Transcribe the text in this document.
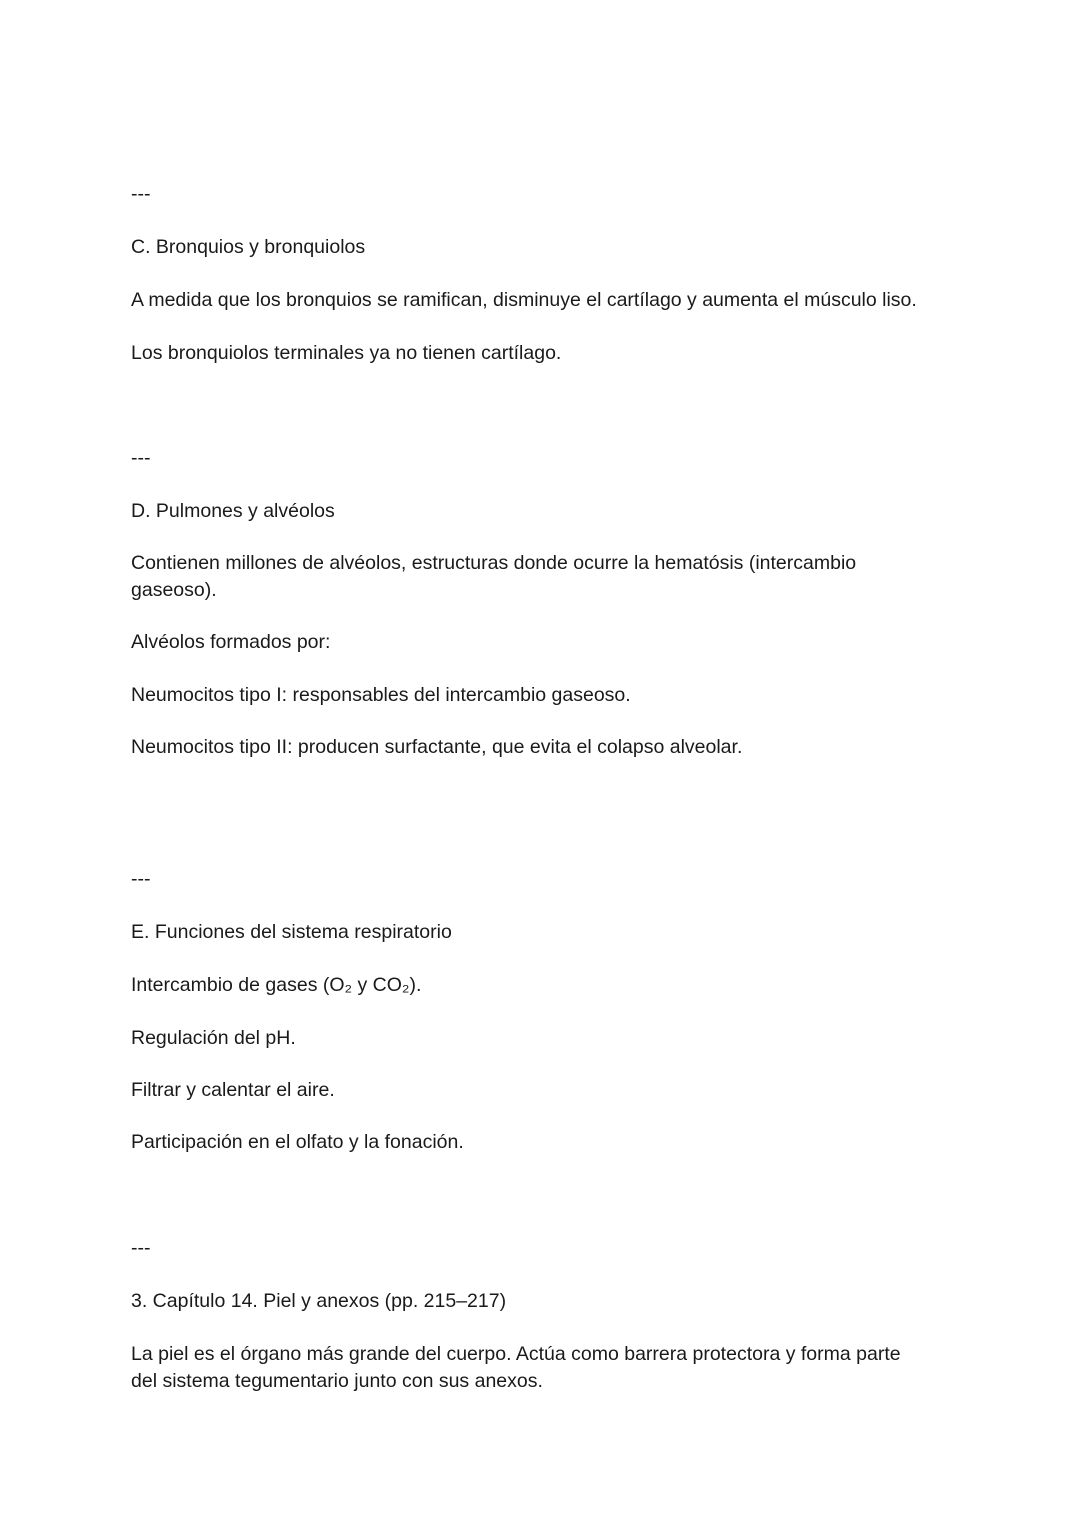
---
C. Bronquios y bronquiolos
A medida que los bronquios se ramifican, disminuye el cartílago y aumenta el músculo liso.
Los bronquiolos terminales ya no tienen cartílago.
---
D. Pulmones y alvéolos
Contienen millones de alvéolos, estructuras donde ocurre la hematósis (intercambio gaseoso).
Alvéolos formados por:
Neumocitos tipo I: responsables del intercambio gaseoso.
Neumocitos tipo II: producen surfactante, que evita el colapso alveolar.
---
E. Funciones del sistema respiratorio
Intercambio de gases (O₂ y CO₂).
Regulación del pH.
Filtrar y calentar el aire.
Participación en el olfato y la fonación.
---
3. Capítulo 14. Piel y anexos (pp. 215–217)
La piel es el órgano más grande del cuerpo. Actúa como barrera protectora y forma parte del sistema tegumentario junto con sus anexos.
